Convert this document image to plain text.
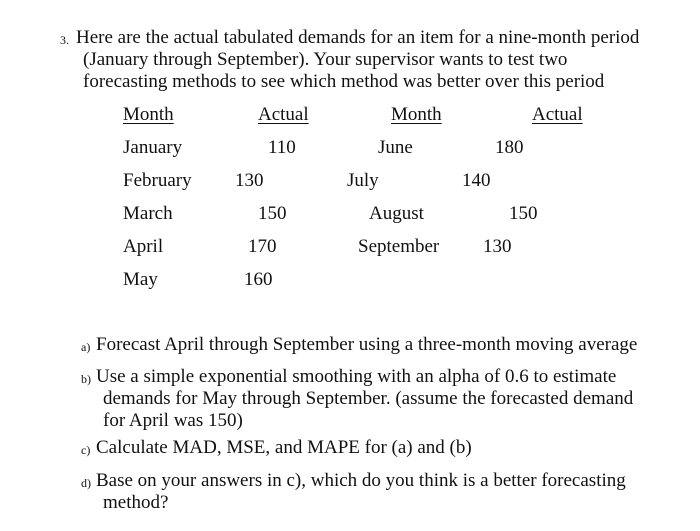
3. Here are the actual tabulated demands for an item for a nine-month period
(January through September). Your supervisor wants to test two
forecasting methods to see which method was better over this period
Month	Actual	Month	Actual
January	110	June	180
February 130	July	140
March	150	August	150
April	170	September 130
May	160
a) Forecast April through September using a three-month moving average
b) Use a simple exponential smoothing with an alpha of 0.6 to estimate
demands for May through September. (assume the forecasted demand
for April was 150)
c) Calculate MAD, MSE, and MAPE for (a) and (b)
d) Base on your answers in c), which do you think is a better forecasting
method?
